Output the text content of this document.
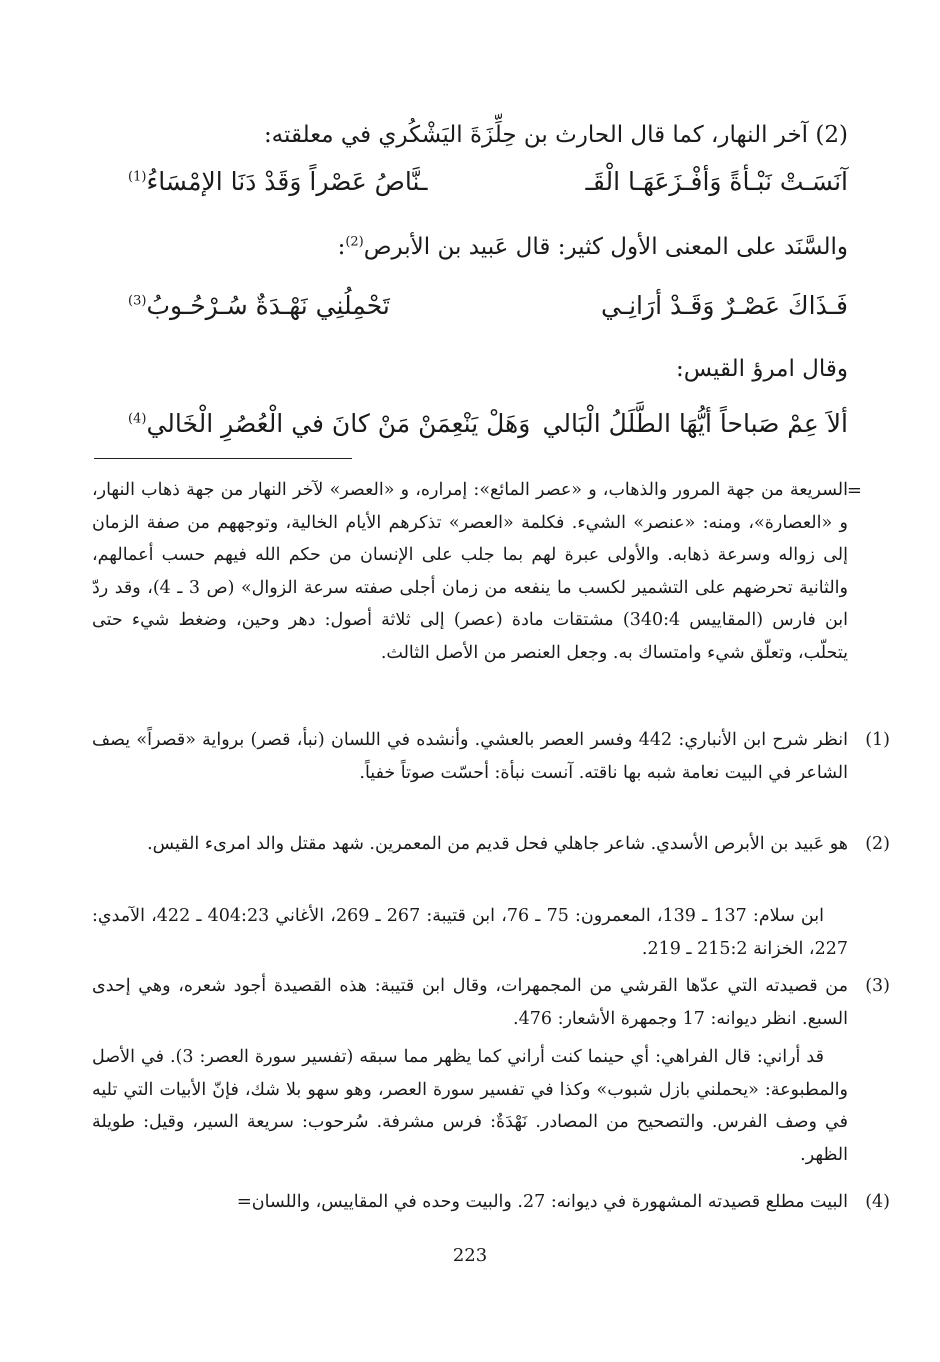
(2) آخر النهار، كما قال الحارث بن حِلِّزَةَ اليَشْكُري في معلقته:
آنَسَـتْ نَبْـأةً وَأفْـزَعَهَـا الْقَـ
ـنَّاصُ عَصْراً وَقَدْ دَنَا الإمْسَاءُ$^{(1)}$
والسَّنَد على المعنى الأول كثير: قال عَبيد بن الأبرص$^{(2)}$:
فَـذَاكَ عَصْـرٌ وَقَـدْ أرَانِـي
تَحْمِلُنِي نَهْـدَةٌ سُـرْحُـوبُ$^{(3)}$
وقال امرؤ القيس:
ألاَ عِمْ صَباحاً أيُّهَا الطَّلَلُ الْبَالي
وَهَلْ يَنْعِمَنْ مَنْ كانَ في الْعُصُرِ الْخَالي$^{(4)}$
=
السريعة من جهة المرور والذهاب، و «عصر المائع»: إمراره، و «العصر» لآخر النهار من جهة ذهاب النهار، و «العصارة»، ومنه: «عنصر» الشيء. فكلمة «العصر» تذكرهم الأيام الخالية، وتوجههم من صفة الزمان إلى زواله وسرعة ذهابه. والأولى عبرة لهم بما جلب على الإنسان من حكم الله فيهم حسب أعمالهم، والثانية تحرضهم على التشمير لكسب ما ينفعه من زمان أجلى صفته سرعة الزوال» (ص 3 ـ 4)، وقد ردّ ابن فارس (المقاييس 340:4) مشتقات مادة (عصر) إلى ثلاثة أصول: دهر وحين، وضغط شيء حتى يتحلّب، وتعلّق شيء وامتساك به. وجعل العنصر من الأصل الثالث.
(1)
انظر شرح ابن الأنباري: 442 وفسر العصر بالعشي. وأنشده في اللسان (نبأ، قصر) برواية «قصراً» يصف الشاعر في البيت نعامة شبه بها ناقته. آنست نبأة: أحسّت صوتاً خفياً.
(2)
هو عَبيد بن الأبرص الأسدي. شاعر جاهلي فحل قديم من المعمرين. شهد مقتل والد امرىء القيس.
ابن سلام: 137 ـ 139، المعمرون: 75 ـ 76، ابن قتيبة: 267 ـ 269، الأغاني 404:23 ـ 422، الآمدي: 227، الخزانة 215:2 ـ 219.
(3)
من قصيدته التي عدّها القرشي من المجمهرات، وقال ابن قتيبة: هذه القصيدة أجود شعره، وهي إحدى السبع. انظر ديوانه: 17 وجمهرة الأشعار: 476.
قد أراني: قال الفراهي: أي حينما كنت أراني كما يظهر مما سبقه (تفسير سورة العصر: 3). في الأصل والمطبوعة: «يحملني بازل شبوب» وكذا في تفسير سورة العصر، وهو سهو بلا شك، فإنّ الأبيات التي تليه في وصف الفرس. والتصحيح من المصادر. نَهْدَةٌ: فرس مشرفة. سُرحوب: سريعة السير، وقيل: طويلة الظهر.
(4)
البيت مطلع قصيدته المشهورة في ديوانه: 27. والبيت وحده في المقاييس، واللسان=
223
